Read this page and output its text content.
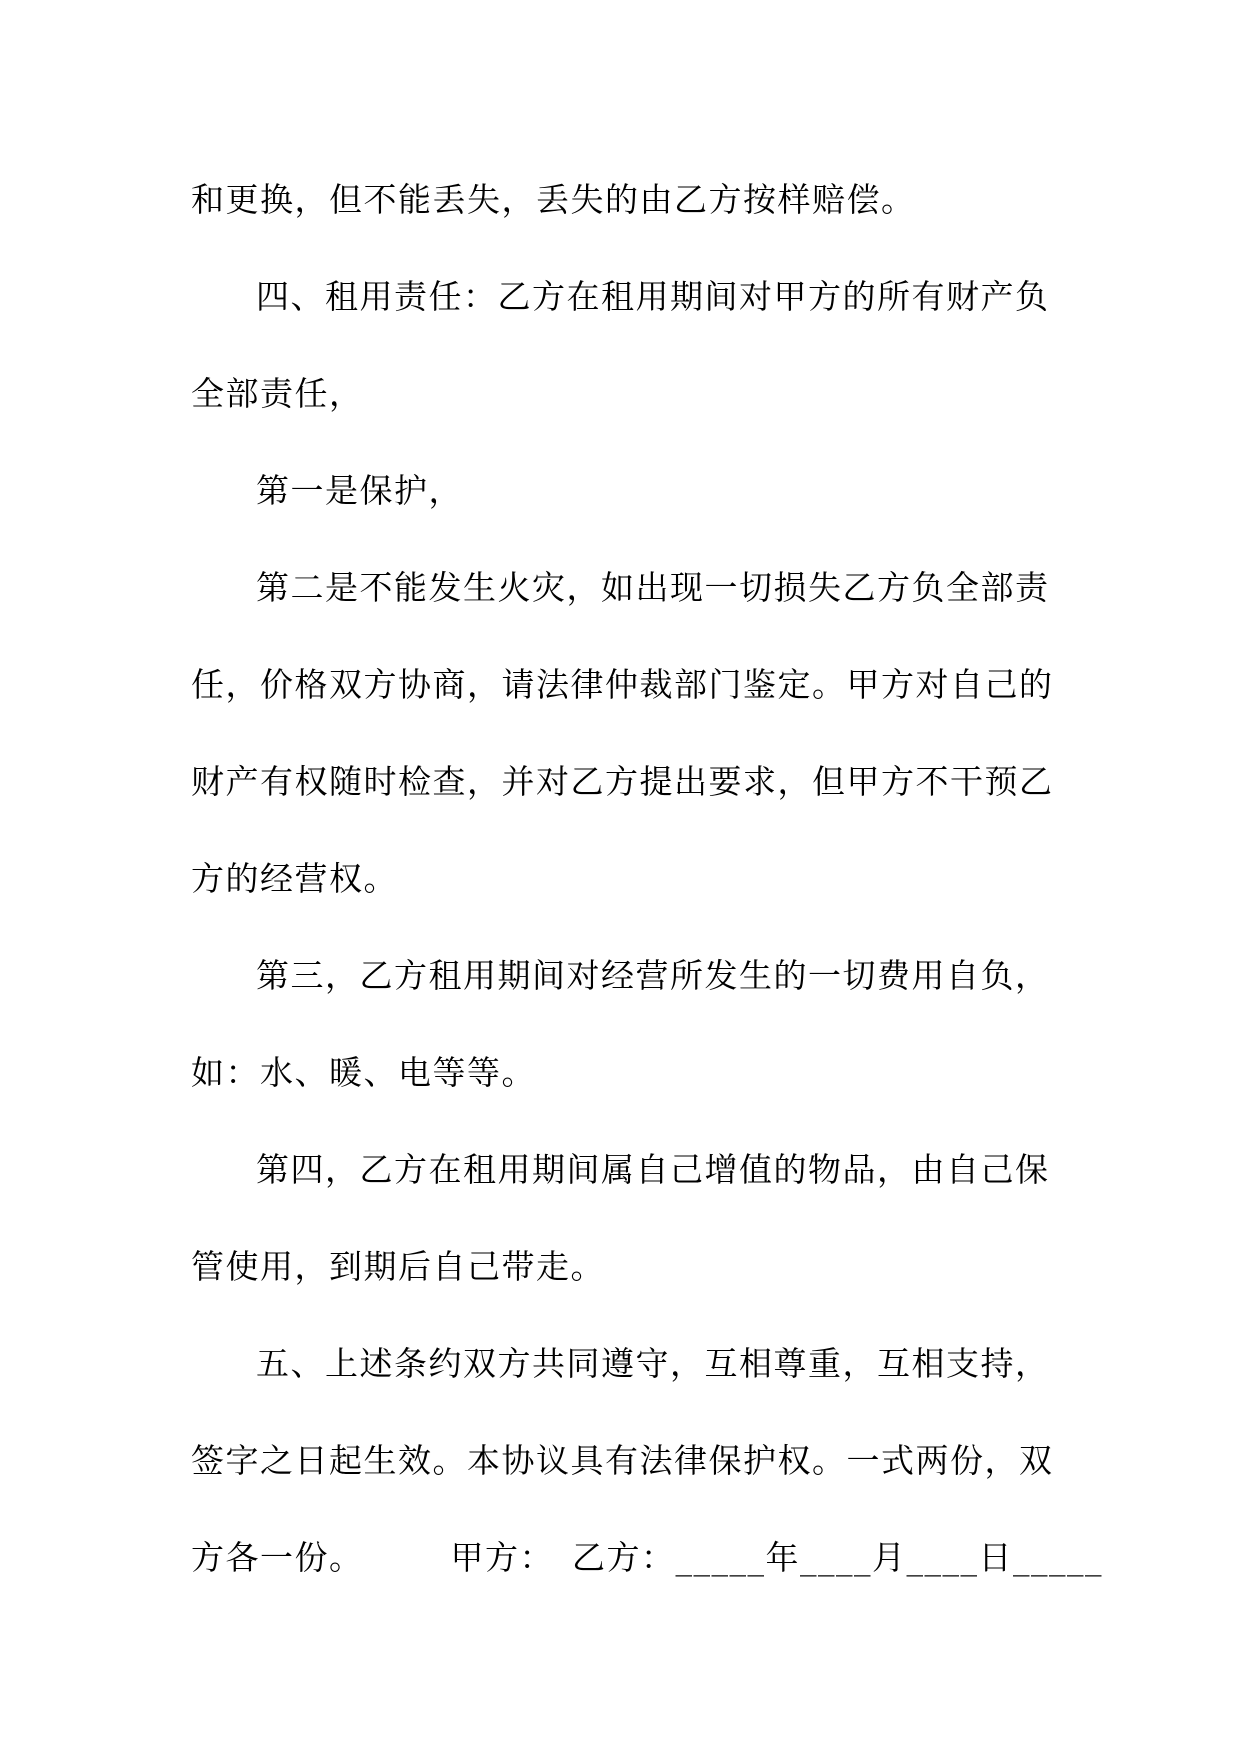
和更换，但不能丢失，丢失的由乙方按样赔偿。
四、租用责任：乙方在租用期间对甲方的所有财产负
全部责任，
第一是保护，
第二是不能发生火灾，如出现一切损失乙方负全部责
任，价格双方协商，请法律仲裁部门鉴定。甲方对自己的
财产有权随时检查，并对乙方提出要求，但甲方不干预乙
方的经营权。
第三，乙方租用期间对经营所发生的一切费用自负，
如：水、暖、电等等。
第四，乙方在租用期间属自己增值的物品，由自己保
管使用，到期后自己带走。
五、上述条约双方共同遵守，互相尊重，互相支持，
签字之日起生效。本协议具有法律保护权。一式两份，双
方各一份。　　　甲方：　乙方：_____年____月____日_____
